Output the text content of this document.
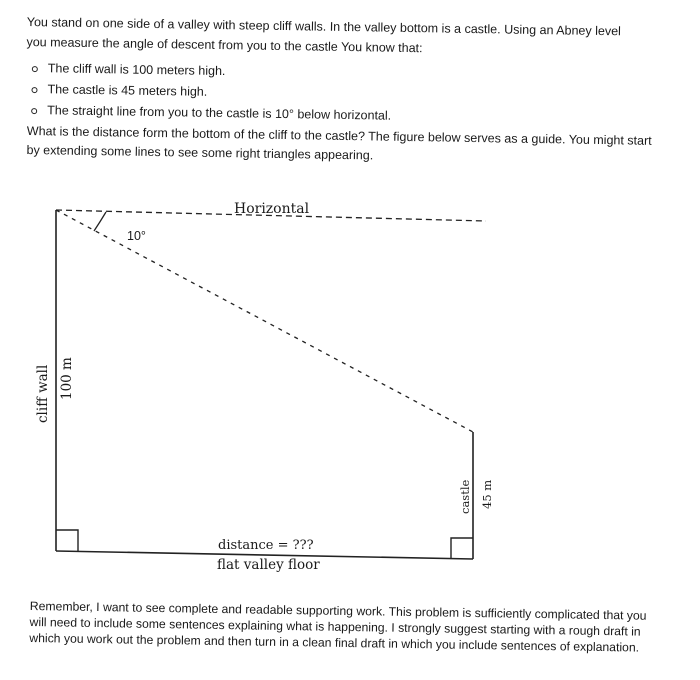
You stand on one side of a valley with steep cliff walls. In the valley bottom is a castle. Using an Abney level you measure the angle of descent from you to the castle You know that:
The cliff wall is 100 meters high.
The castle is 45 meters high.
The straight line from you to the castle is 10° below horizontal.
What is the distance form the bottom of the cliff to the castle? The figure below serves as a guide. You might start by extending some lines to see some right triangles appearing.
Horizontal
10°
cliff wall 100 m
castle 45 m
distance = ???
flat valley floor
Remember, I want to see complete and readable supporting work. This problem is sufficiently complicated that you will need to include some sentences explaining what is happening. I strongly suggest starting with a rough draft in which you work out the problem and then turn in a clean final draft in which you include sentences of explanation.
